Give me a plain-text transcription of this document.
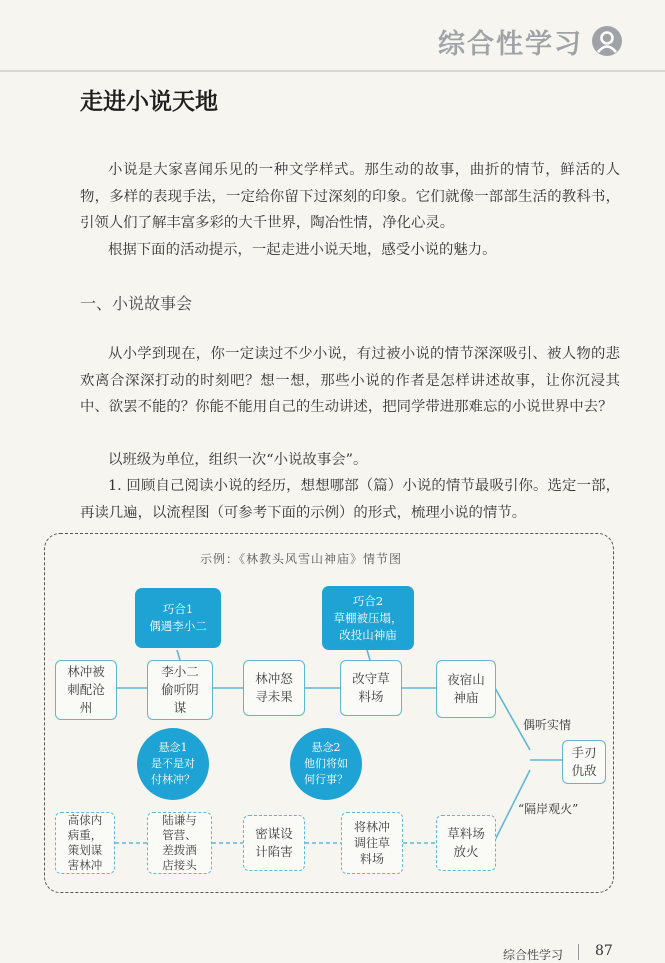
综合性学习
走进小说天地

小说是大家喜闻乐见的一种文学样式。那生动的故事，曲折的情节，鲜活的人物，多样的表现手法，一定给你留下过深刻的印象。它们就像一部部生活的教科书，引领人们了解丰富多彩的大千世界，陶冶性情，净化心灵。

根据下面的活动提示，一起走进小说天地，感受小说的魅力。

一、小说故事会

从小学到现在，你一定读过不少小说，有过被小说的情节深深吸引、被人物的悲欢离合深深打动的时刻吧？想一想，那些小说的作者是怎样讲述故事，让你沉浸其中、欲罢不能的？你能不能用自己的生动讲述，把同学带进那难忘的小说世界中去？

以班级为单位，组织一次“小说故事会”。

1. 回顾自己阅读小说的经历，想想哪部（篇）小说的情节最吸引你。选定一部，再读几遍，以流程图（可参考下面的示例）的形式，梳理小说的情节。

示例：《林教头风雪山神庙》情节图
巧合1
偶遇李小二
巧合2
草棚被压塌，
改投山神庙
林冲被
刺配沧
州
李小二
偷听阴
谋
林冲怒
寻未果
改守草
料场
夜宿山
神庙
悬念1
是不是对
付林冲？
悬念2
他们将如
何行事？
偶听实情
“隔岸观火”
手刃
仇敌
高俅内
病重，
策划谋
害林冲
陆谦与
管营、
差拨酒
店接头
密谋设
计陷害
将林冲
调往草
料场
草料场
放火
综合性学习 87
